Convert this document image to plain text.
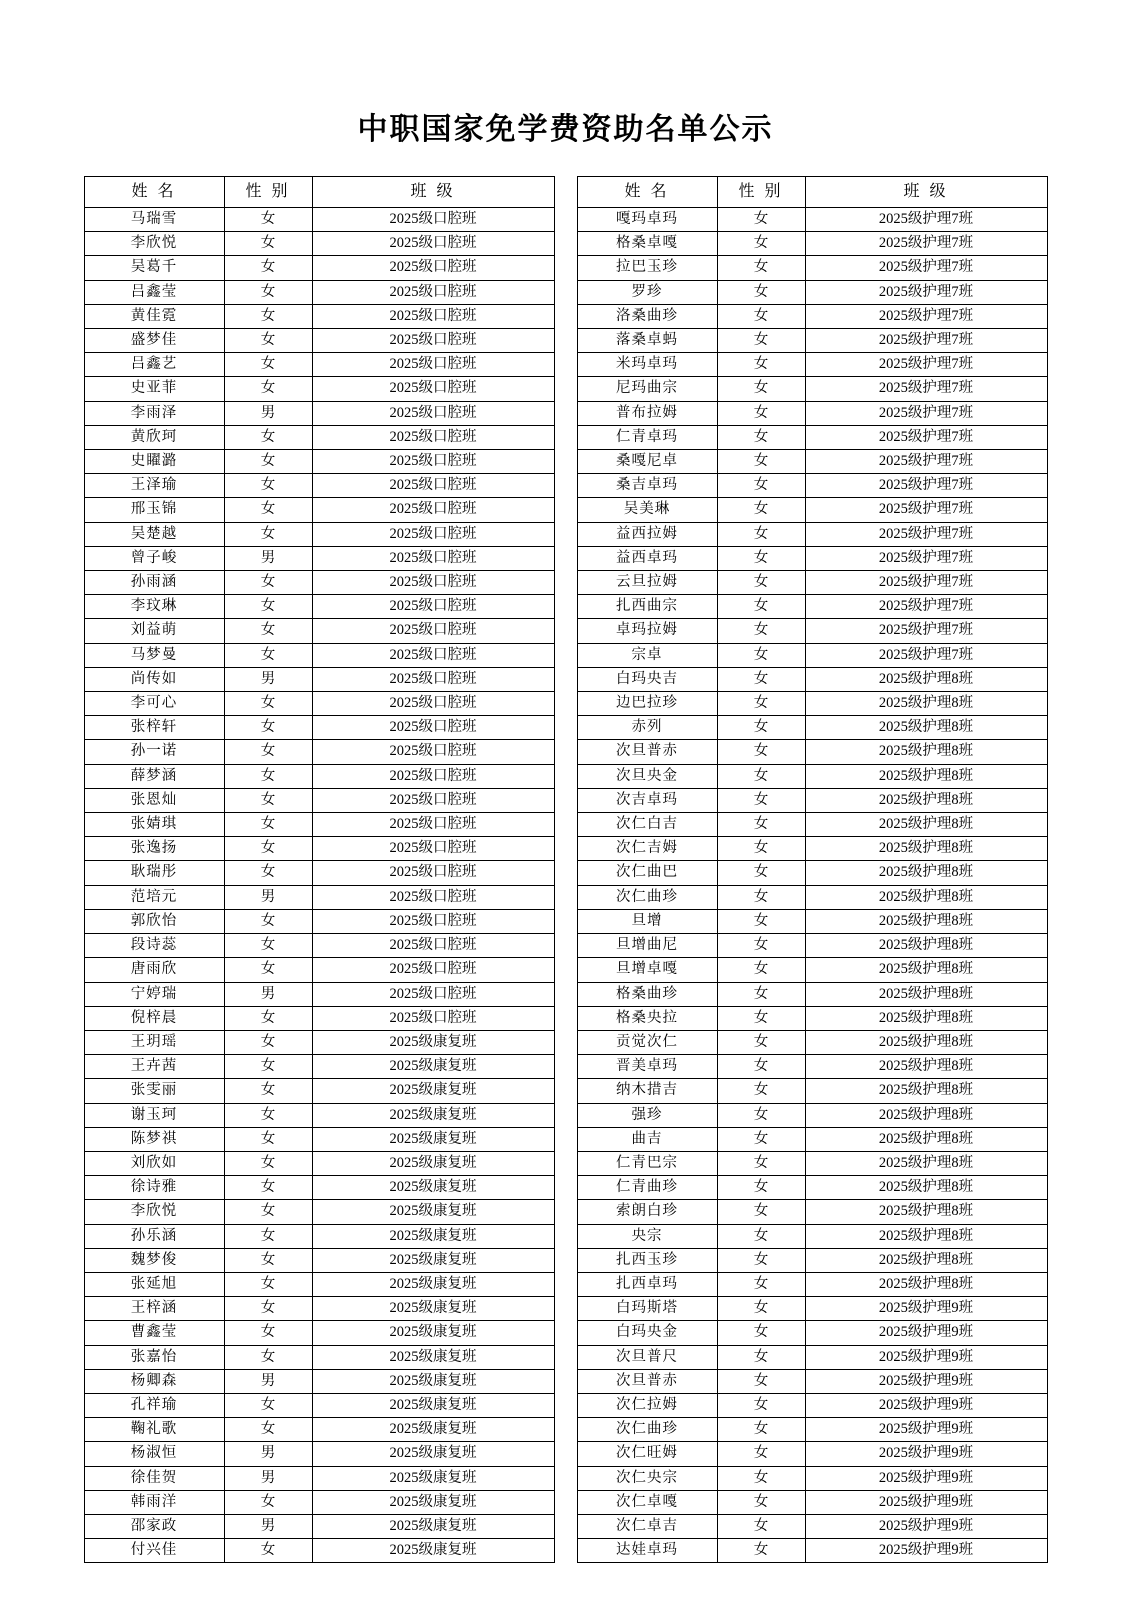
中职国家免学费资助名单公示
姓 名	性 别	班 级
马瑞雪	女	2025级口腔班
李欣悦	女	2025级口腔班
吴葛千	女	2025级口腔班
吕鑫莹	女	2025级口腔班
黄佳霓	女	2025级口腔班
盛梦佳	女	2025级口腔班
吕鑫艺	女	2025级口腔班
史亚菲	女	2025级口腔班
李雨泽	男	2025级口腔班
黄欣珂	女	2025级口腔班
史矅潞	女	2025级口腔班
王泽瑜	女	2025级口腔班
邢玉锦	女	2025级口腔班
吴楚越	女	2025级口腔班
曾子峻	男	2025级口腔班
孙雨涵	女	2025级口腔班
李玟琳	女	2025级口腔班
刘益萌	女	2025级口腔班
马梦曼	女	2025级口腔班
尚传如	男	2025级口腔班
李可心	女	2025级口腔班
张梓轩	女	2025级口腔班
孙一诺	女	2025级口腔班
薛梦涵	女	2025级口腔班
张恩灿	女	2025级口腔班
张婧琪	女	2025级口腔班
张逸扬	女	2025级口腔班
耿瑞彤	女	2025级口腔班
范培元	男	2025级口腔班
郭欣怡	女	2025级口腔班
段诗蕊	女	2025级口腔班
唐雨欣	女	2025级口腔班
宁婷瑞	男	2025级口腔班
倪梓晨	女	2025级口腔班
王玥瑶	女	2025级康复班
王卉茜	女	2025级康复班
张雯丽	女	2025级康复班
谢玉珂	女	2025级康复班
陈梦祺	女	2025级康复班
刘欣如	女	2025级康复班
徐诗雅	女	2025级康复班
李欣悦	女	2025级康复班
孙乐涵	女	2025级康复班
魏梦俊	女	2025级康复班
张延旭	女	2025级康复班
王梓涵	女	2025级康复班
曹鑫莹	女	2025级康复班
张嘉怡	女	2025级康复班
杨卿森	男	2025级康复班
孔祥瑜	女	2025级康复班
鞠礼歌	女	2025级康复班
杨淑恒	男	2025级康复班
徐佳贺	男	2025级康复班
韩雨洋	女	2025级康复班
邵家政	男	2025级康复班
付兴佳	女	2025级康复班
姓 名	性 别	班 级
嘎玛卓玛	女	2025级护理7班
格桑卓嘎	女	2025级护理7班
拉巴玉珍	女	2025级护理7班
罗珍	女	2025级护理7班
洛桑曲珍	女	2025级护理7班
落桑卓蚂	女	2025级护理7班
米玛卓玛	女	2025级护理7班
尼玛曲宗	女	2025级护理7班
普布拉姆	女	2025级护理7班
仁青卓玛	女	2025级护理7班
桑嘎尼卓	女	2025级护理7班
桑吉卓玛	女	2025级护理7班
吴美琳	女	2025级护理7班
益西拉姆	女	2025级护理7班
益西卓玛	女	2025级护理7班
云旦拉姆	女	2025级护理7班
扎西曲宗	女	2025级护理7班
卓玛拉姆	女	2025级护理7班
宗卓	女	2025级护理7班
白玛央吉	女	2025级护理8班
边巴拉珍	女	2025级护理8班
赤列	女	2025级护理8班
次旦普赤	女	2025级护理8班
次旦央金	女	2025级护理8班
次吉卓玛	女	2025级护理8班
次仁白吉	女	2025级护理8班
次仁吉姆	女	2025级护理8班
次仁曲巴	女	2025级护理8班
次仁曲珍	女	2025级护理8班
旦增	女	2025级护理8班
旦增曲尼	女	2025级护理8班
旦增卓嘎	女	2025级护理8班
格桑曲珍	女	2025级护理8班
格桑央拉	女	2025级护理8班
贡觉次仁	女	2025级护理8班
晋美卓玛	女	2025级护理8班
纳木措吉	女	2025级护理8班
强珍	女	2025级护理8班
曲吉	女	2025级护理8班
仁青巴宗	女	2025级护理8班
仁青曲珍	女	2025级护理8班
索朗白珍	女	2025级护理8班
央宗	女	2025级护理8班
扎西玉珍	女	2025级护理8班
扎西卓玛	女	2025级护理8班
白玛斯塔	女	2025级护理9班
白玛央金	女	2025级护理9班
次旦普尺	女	2025级护理9班
次旦普赤	女	2025级护理9班
次仁拉姆	女	2025级护理9班
次仁曲珍	女	2025级护理9班
次仁旺姆	女	2025级护理9班
次仁央宗	女	2025级护理9班
次仁卓嘎	女	2025级护理9班
次仁卓吉	女	2025级护理9班
达娃卓玛	女	2025级护理9班
